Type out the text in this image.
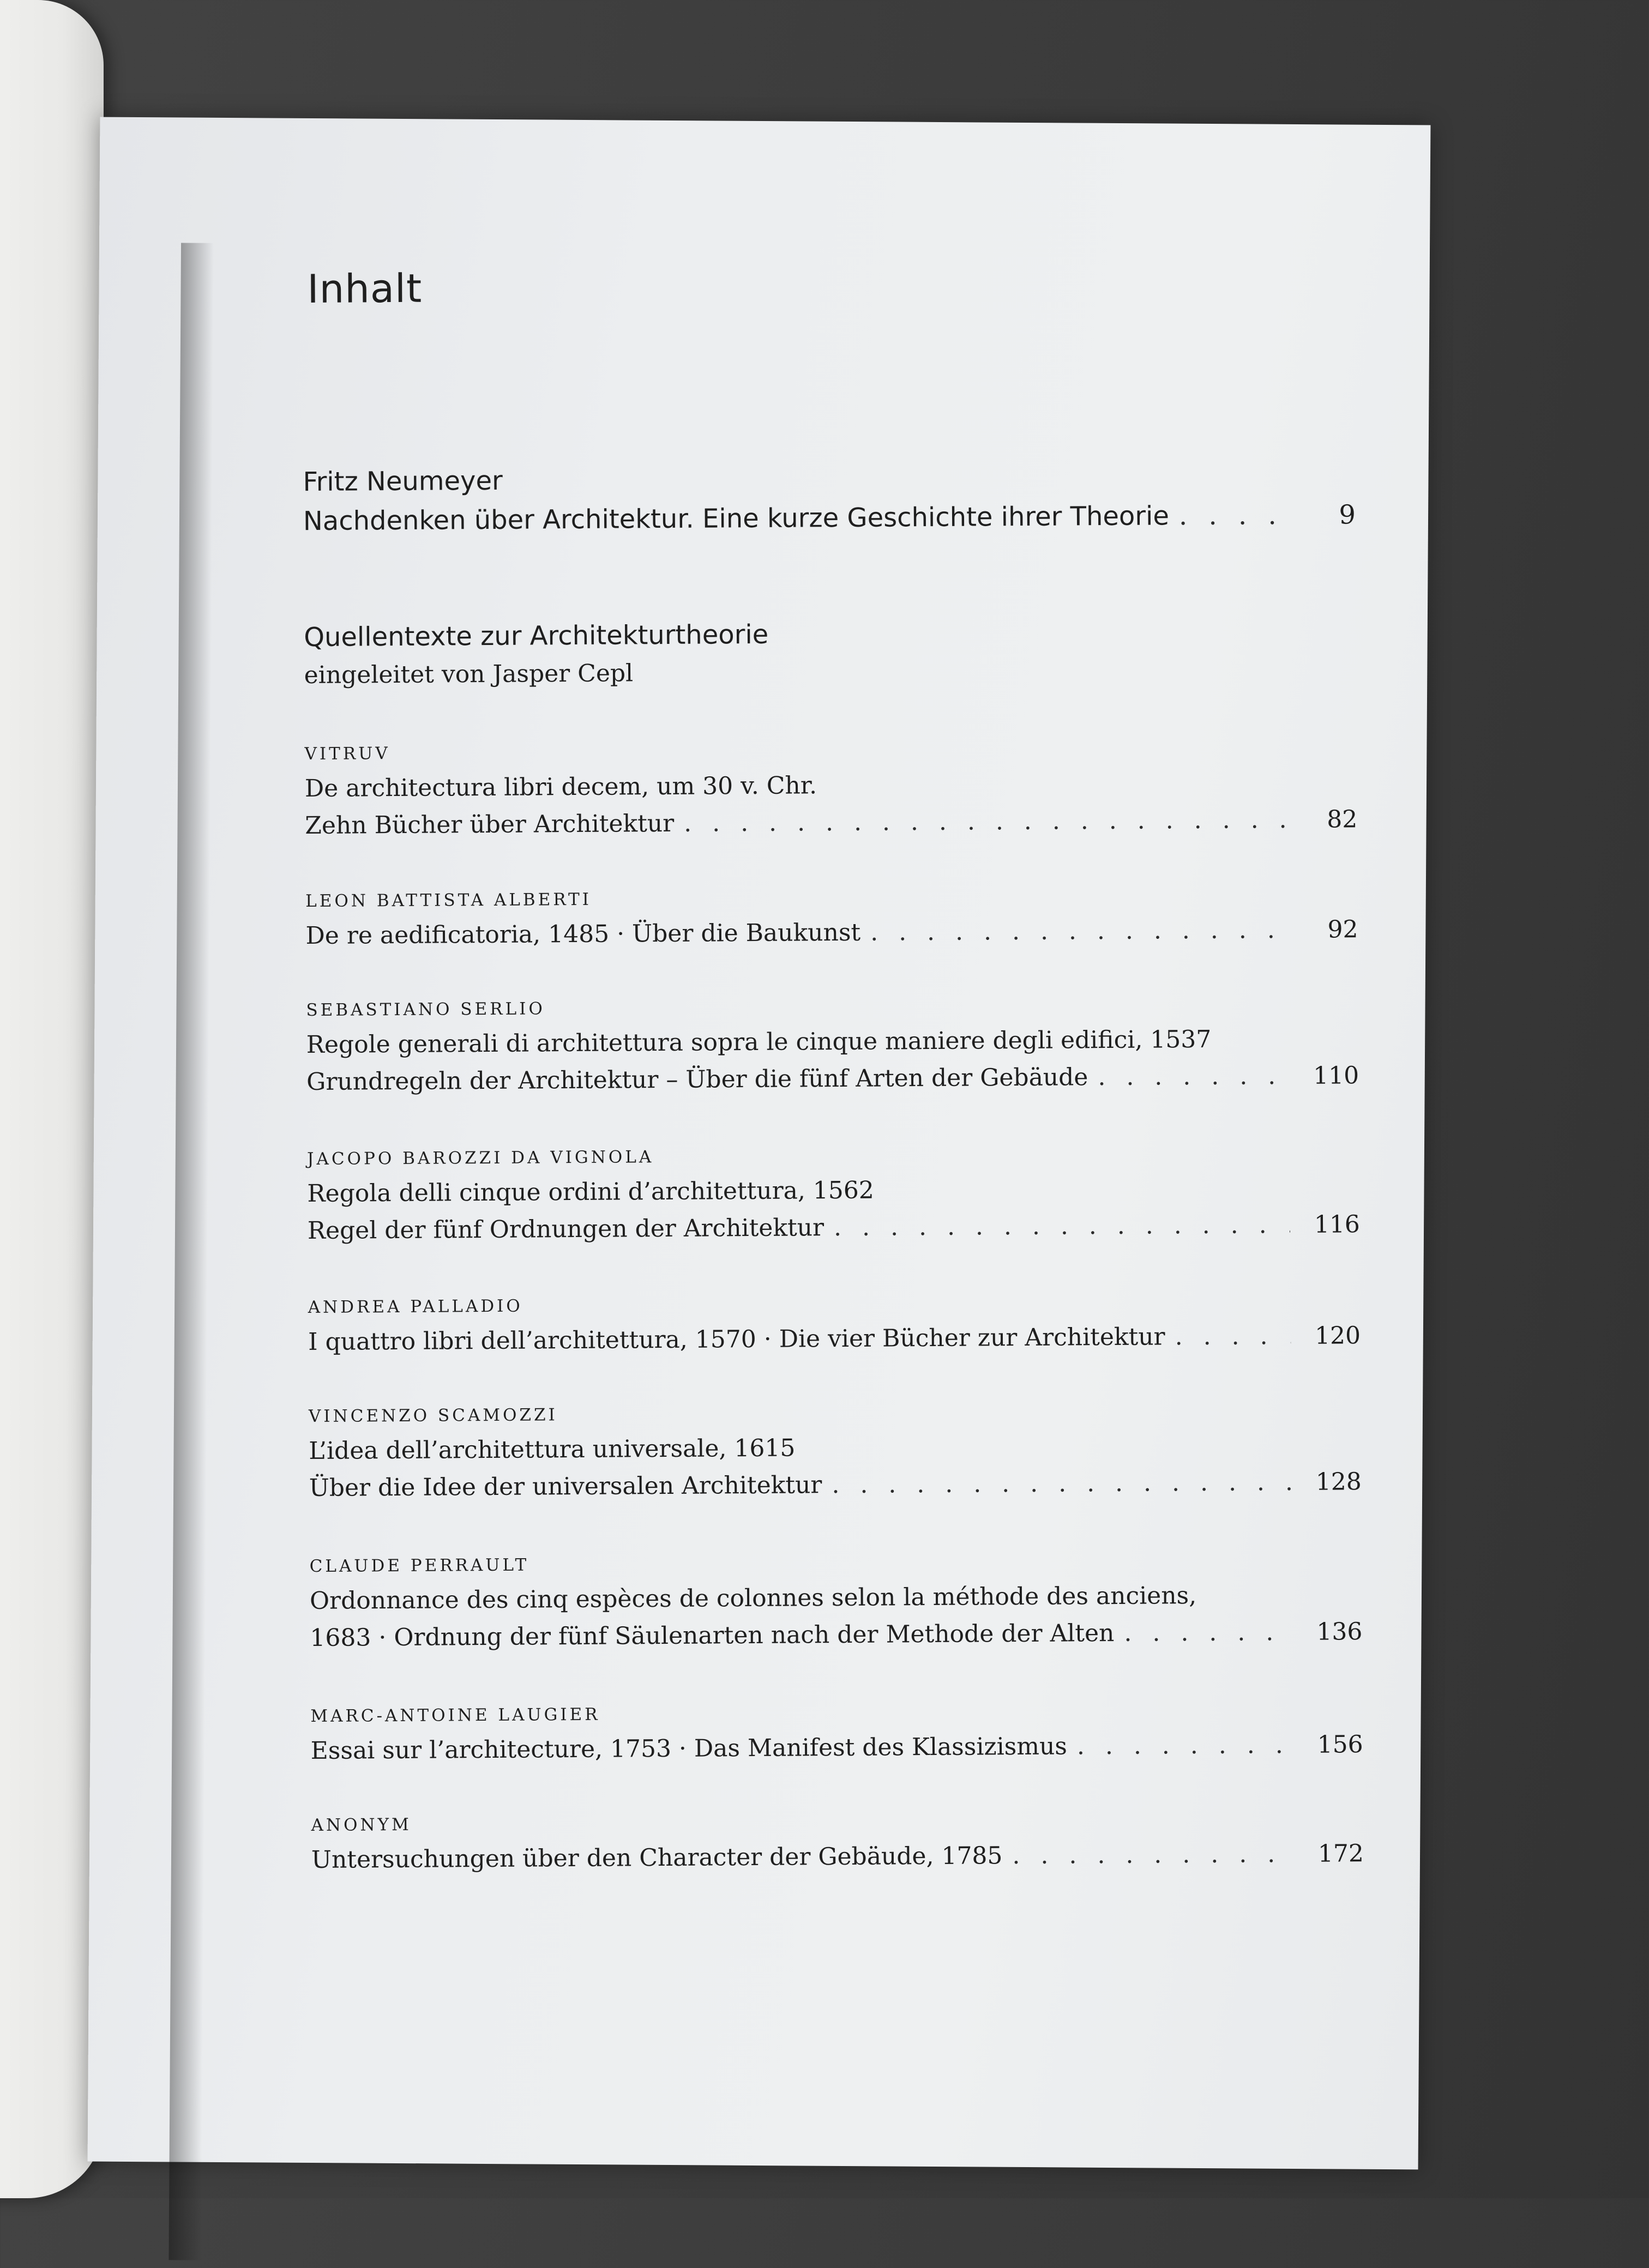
Inhalt
Fritz Neumeyer
Nachdenken über Architektur. Eine kurze Geschichte ihrer Theorie . . .	9
Quellentexte zur Architekturtheorie
eingeleitet von Jasper Cepl
VITRUV
De architectura libri decem, um 30 v. Chr.
Zehn Bücher über Architektur . . .	82
LEON BATTISTA ALBERTI
De re aedificatoria, 1485 · Über die Baukunst . . .	92
SEBASTIANO SERLIO
Regole generali di architettura sopra le cinque maniere degli edifici, 1537
Grundregeln der Architektur – Über die fünf Arten der Gebäude . . .	110
JACOPO BAROZZI DA VIGNOLA
Regola delli cinque ordini d’architettura, 1562
Regel der fünf Ordnungen der Architektur . . .	116
ANDREA PALLADIO
I quattro libri dell’architettura, 1570 · Die vier Bücher zur Architektur . . .	120
VINCENZO SCAMOZZI
L’idea dell’architettura universale, 1615
Über die Idee der universalen Architektur . . .	128
CLAUDE PERRAULT
Ordonnance des cinq espèces de colonnes selon la méthode des anciens,
1683 · Ordnung der fünf Säulenarten nach der Methode der Alten . . .	136
MARC-ANTOINE LAUGIER
Essai sur l’architecture, 1753 · Das Manifest des Klassizismus . . .	156
ANONYM
Untersuchungen über den Character der Gebäude, 1785 . . .	172
